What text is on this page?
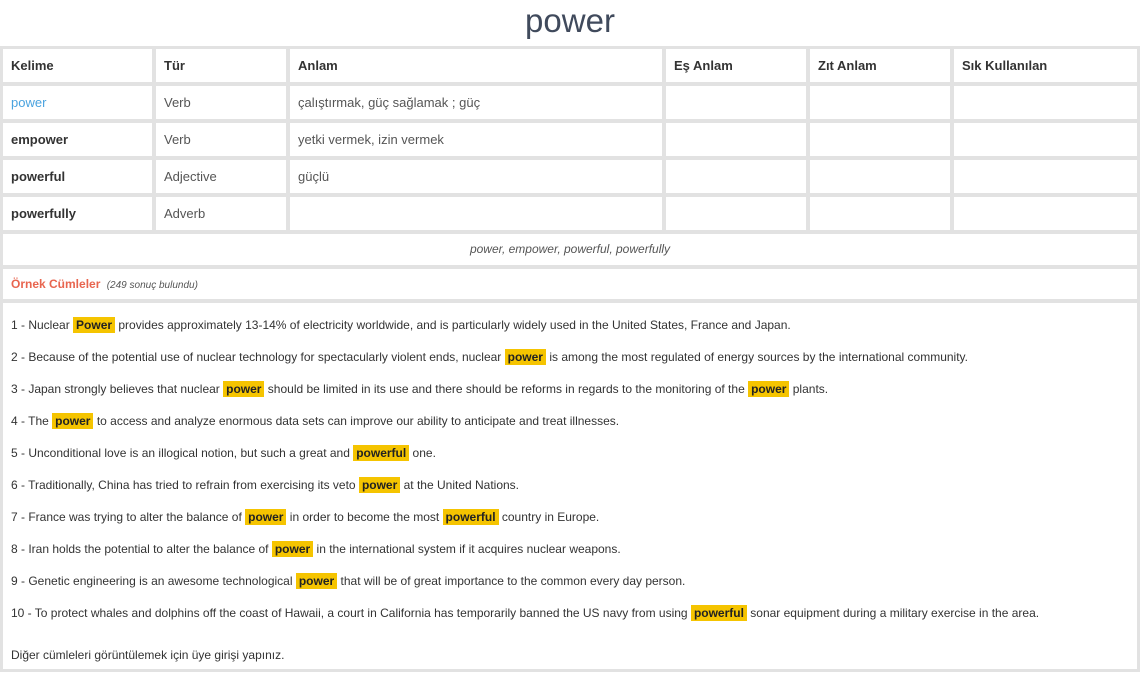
power
Kelime	Tür	Anlam	Eş Anlam	Zıt Anlam	Sık Kullanılan
power	Verb	çalıştırmak, güç sağlamak ; güç			
empower	Verb	yetki vermek, izin vermek			
powerful	Adjective	güçlü			
powerfully	Adverb				
power, empower, powerful, powerfully
Örnek Cümleler (249 sonuç bulundu)
1 - Nuclear Power provides approximately 13-14% of electricity worldwide, and is particularly widely used in the United States, France and Japan.
2 - Because of the potential use of nuclear technology for spectacularly violent ends, nuclear power is among the most regulated of energy sources by the international community.
3 - Japan strongly believes that nuclear power should be limited in its use and there should be reforms in regards to the monitoring of the power plants.
4 - The power to access and analyze enormous data sets can improve our ability to anticipate and treat illnesses.
5 - Unconditional love is an illogical notion, but such a great and powerful one.
6 - Traditionally, China has tried to refrain from exercising its veto power at the United Nations.
7 - France was trying to alter the balance of power in order to become the most powerful country in Europe.
8 - Iran holds the potential to alter the balance of power in the international system if it acquires nuclear weapons.
9 - Genetic engineering is an awesome technological power that will be of great importance to the common every day person.
10 - To protect whales and dolphins off the coast of Hawaii, a court in California has temporarily banned the US navy from using powerful sonar equipment during a military exercise in the area.
Diğer cümleleri görüntülemek için üye girişi yapınız.
